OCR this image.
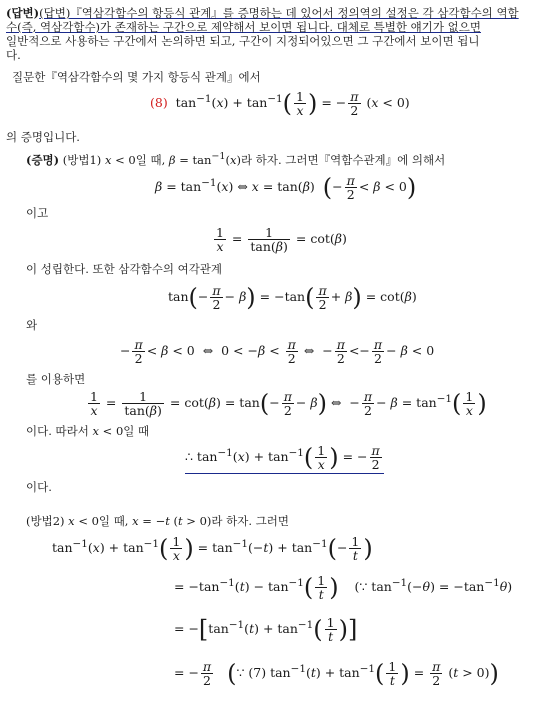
(답변)(답변)『역삼각함수의 항등식 관계』를 증명하는 데 있어서 정의역의 설정은 각 삼각함수의 역함
수(즉, 역삼각함수)가 존재하는 구간으로 제약해서 보이면 됩니다. 대체로 특별한 얘기가 없으면
일반적으로 사용하는 구간에서 논의하면 되고, 구간이 지정되어있으면 그 구간에서 보이면 됩니
다.
질문한『역삼각함수의 몇 가지 항등식 관계』에서
(8)  $\tan^{-1}(x) + \tan^{-1}( \frac{1}{x}$ ) = − $\frac{\pi}{2} (x < 0)$
의 증명입니다.
(증명) (방법1) x < 0일 때, $\beta = \tan^{-1}(x)$라 하자. 그러면『역함수관계』에 의해서
$\beta = \tan^{-1}(x)$ ⇔ x = tan(β)  (− $\frac{\pi}{2} < \beta < 0$)
이고
$\frac{1}{x} = \frac{1}{\tan(\beta)} = \cot(\beta)$
이 성립한다. 또한 삼각함수의 여각관계
$\tan(- \frac{\pi}{2} - \beta) = -\tan( \frac{\pi}{2} + \beta) = \cot(\beta)$
와
− $\frac{\pi}{2} < \beta < 0$  ⇔  $0 < -\beta < \frac{\pi}{2}$ ⇔  − $\frac{\pi}{2} <- \frac{\pi}{2} - \beta < 0$
를 이용하면
$\frac{1}{x} = \frac{1}{\tan(\beta)} = \cot(\beta) = \tan(- \frac{\pi}{2} - \beta)$ ⇔  − $\frac{\pi}{2} - \beta = \tan^{-1}( \frac{1}{x}$ )
이다. 따라서 x < 0일 때
∴ $\tan^{-1}(x) + \tan^{-1}( \frac{1}{x}$ ) = − $\frac{\pi}{2}$
이다.
(방법2) x < 0일 때, x = −t (t > 0)라 하자. 그러면
$\tan^{-1}(x) + \tan^{-1}( \frac{1}{x}$ ) = $\tan^{-1}(-t) + \tan^{-1}(- \frac{1}{t}$ )
= $-\tan^{-1}(t) - \tan^{-1}( \frac{1}{t}$ )    (∵ $\tan^{-1}(-\theta) = -\tan^{-1}\theta$)
= $-[\tan^{-1}(t) + \tan^{-1}( \frac{1}{t}$ )]
= − $\frac{\pi}{2}$ (∵ (7) $\tan^{-1}(t) + \tan^{-1}( \frac{1}{t}$ ) = $\frac{\pi}{2} (t > 0)$)
